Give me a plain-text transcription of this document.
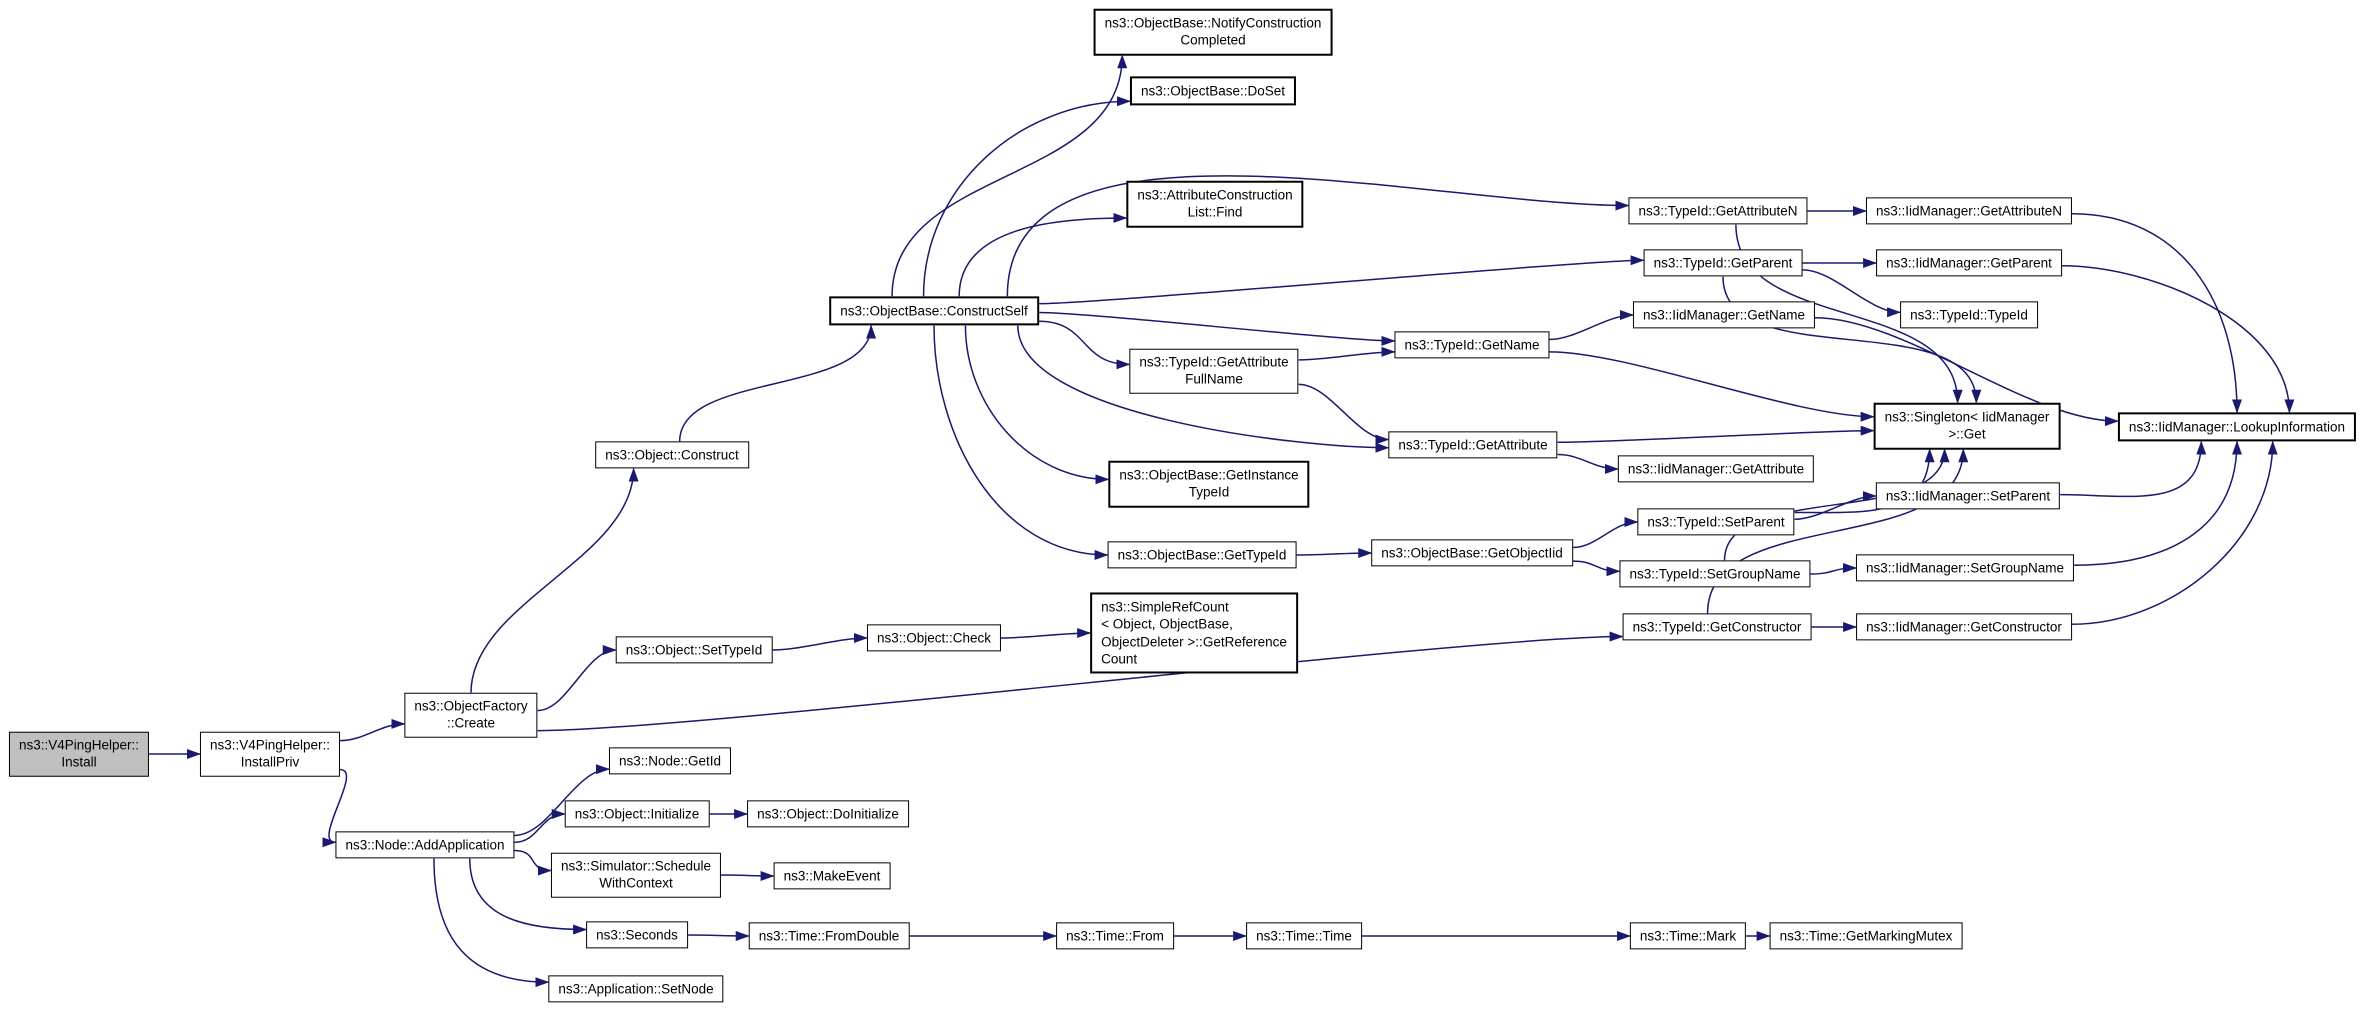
ns3::V4PingHelper::
Install
ns3::V4PingHelper::
InstallPriv
ns3::ObjectFactory
::Create
ns3::Node::AddApplication
ns3::Object::Construct
ns3::Object::SetTypeId
ns3::Object::Check
ns3::ObjectBase::ConstructSelf
ns3::ObjectBase::NotifyConstruction
Completed
ns3::ObjectBase::DoSet
ns3::AttributeConstruction
List::Find
ns3::TypeId::GetAttribute
FullName
ns3::ObjectBase::GetInstance
TypeId
ns3::ObjectBase::GetTypeId
ns3::SimpleRefCount
< Object, ObjectBase,
ObjectDeleter >::GetReference
Count
ns3::TypeId::GetName
ns3::TypeId::GetAttribute
ns3::ObjectBase::GetObjectIid
ns3::TypeId::GetAttributeN
ns3::TypeId::GetParent
ns3::IidManager::GetName
ns3::IidManager::GetAttribute
ns3::TypeId::SetParent
ns3::TypeId::SetGroupName
ns3::TypeId::GetConstructor
ns3::IidManager::GetAttributeN
ns3::IidManager::GetParent
ns3::TypeId::TypeId
ns3::Singleton< IidManager
>::Get
ns3::IidManager::SetParent
ns3::IidManager::SetGroupName
ns3::IidManager::GetConstructor
ns3::IidManager::LookupInformation
ns3::Node::GetId
ns3::Object::Initialize	ns3::Object::DoInitialize
ns3::Simulator::Schedule
WithContext
ns3::MakeEvent
ns3::Seconds	ns3::Time::FromDouble
ns3::Application::SetNode
ns3::Time::From	ns3::Time::Time	ns3::Time::Mark	ns3::Time::GetMarkingMutex
